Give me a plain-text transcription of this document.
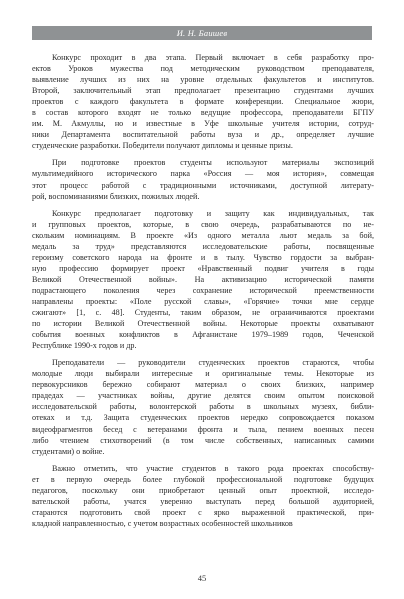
И. Н. Баишев
Конкурс проходит в два этапа. Первый включает в себя разработку про-
ектов Уроков мужества под методическим руководством преподавателя,
выявление лучших из них на уровне отдельных факультетов и институтов.
Второй, заключительный этап предполагает презентацию студентами лучших
проектов с каждого факультета в формате конференции. Специальное жюри,
в состав которого входят не только ведущие профессора, преподаватели БГПУ
им. М. Акмуллы, но и известные в Уфе школьные учителя истории, сотруд-
ники Департамента воспитательной работы вуза и др., определяет лучшие
студенческие разработки. Победители получают дипломы и ценные призы.
При подготовке проектов студенты используют материалы экспозиций
мультимедийного исторического парка «Россия — моя история», совмещая
этот процесс работой с традиционными источниками, доступной литерату-
рой, воспоминаниями близких, пожилых людей.
Конкурс предполагает подготовку и защиту как индивидуальных, так
и групповых проектов, которые, в свою очередь, разрабатываются по не-
скольким номинациям. В проекте «Из одного металла льют медаль за бой,
медаль за труд» представляются исследовательские работы, посвященные
героизму советского народа на фронте и в тылу. Чувство гордости за выбран-
ную профессию формирует проект «Нравственный подвиг учителя в годы
Великой Отечественной войны». На активизацию исторической памяти
подрастающего поколения через сохранение исторической преемственности
направлены проекты: «Поле русской славы», «Горячие» точки мне сердце
сжигают» [1, с. 48]. Студенты, таким образом, не ограничиваются проектами
по истории Великой Отечественной войны. Некоторые проекты охватывают
события военных конфликтов в Афганистане 1979–1989 годов, Чеченской
Республике 1990-х годов и др.
Преподаватели — руководители студенческих проектов стараются, чтобы
молодые люди выбирали интересные и оригинальные темы. Некоторые из
первокурсников бережно собирают материал о своих близких, например
прадедах — участниках войны, другие делятся своим опытом поисковой
исследовательской работы, волонтерской работы в школьных музеях, библи-
отеках и т.д. Защита студенческих проектов нередко сопровождается показом
видеофрагментов бесед с ветеранами фронта и тыла, пением военных песен
либо чтением стихотворений (в том числе собственных, написанных самими
студентами) о войне.
Важно отметить, что участие студентов в такого рода проектах способству-
ет в первую очередь более глубокой профессиональной подготовке будущих
педагогов, поскольку они приобретают ценный опыт проектной, исследо-
вательской работы, учатся уверенно выступать перед большой аудиторией,
стараются подготовить свой проект с ярко выраженной практической, при-
кладной направленностью, с учетом возрастных особенностей школьников
45
